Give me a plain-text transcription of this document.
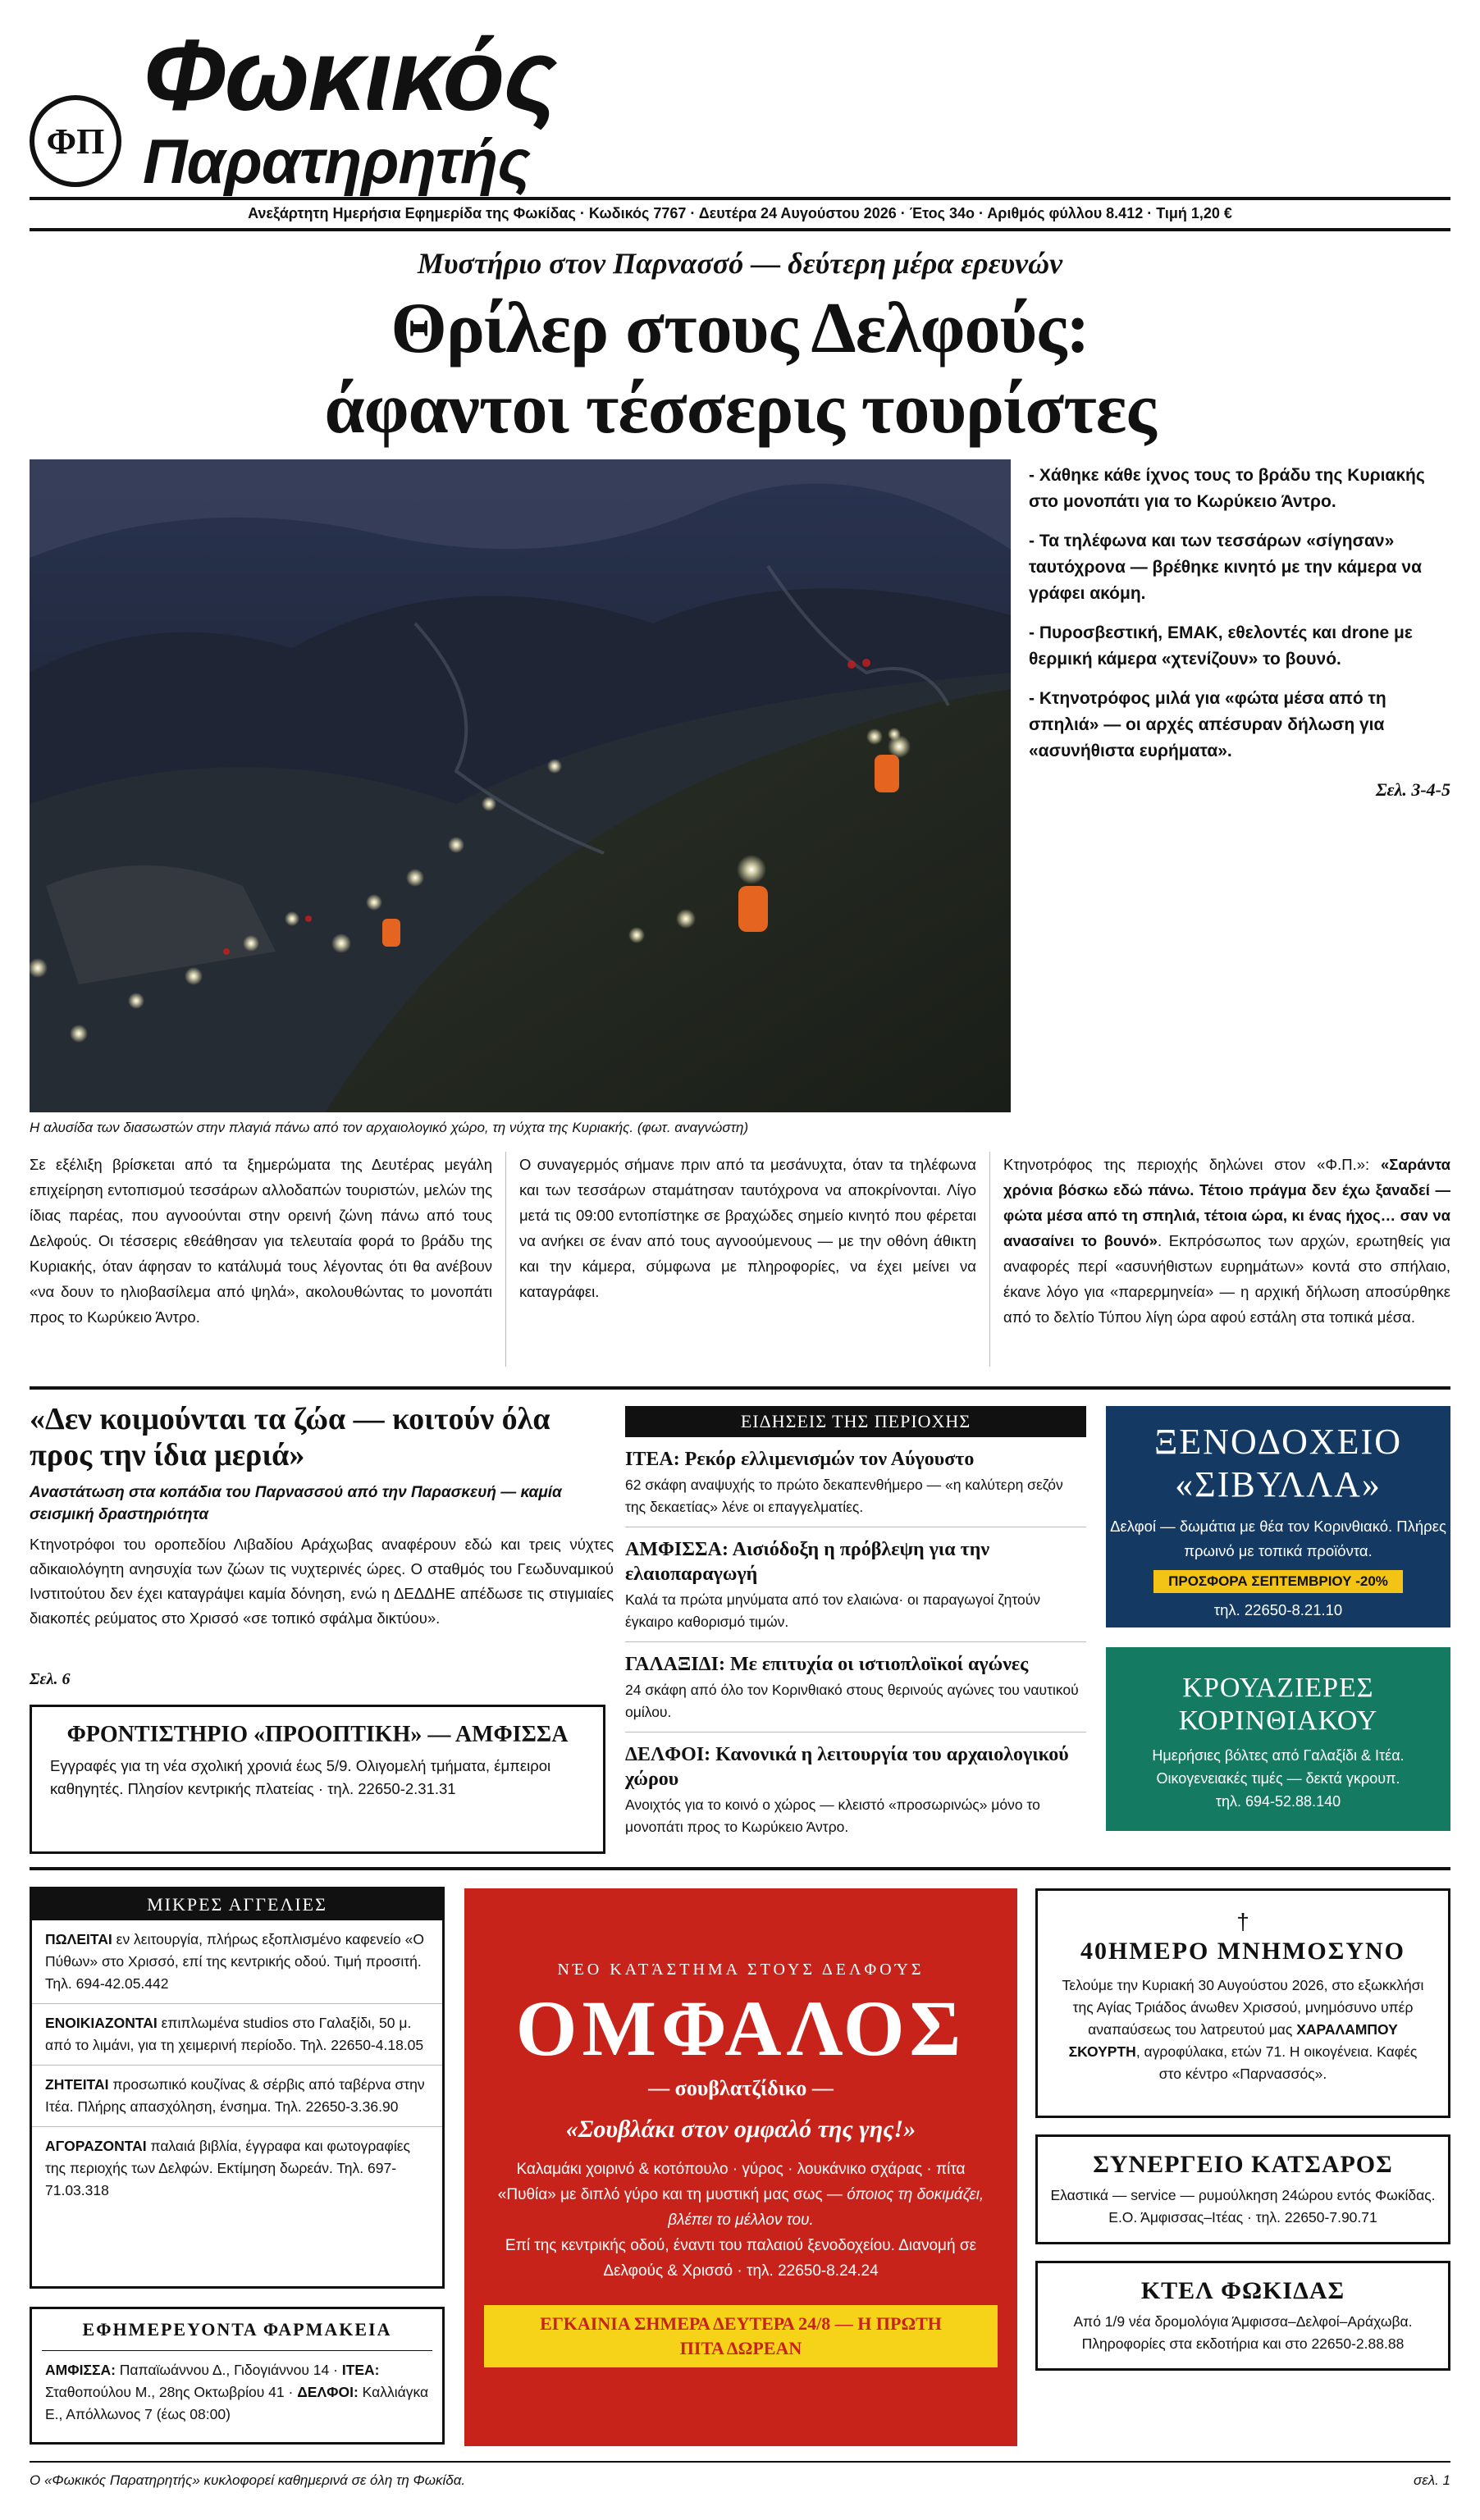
ΦΠ
Φωκικός
Παρατηρητής
Ανεξάρτητη Ημερήσια Εφημερίδα της Φωκίδας · Κωδικός 7767 · Δευτέρα 24 Αυγούστου 2026 · Έτος 34ο · Αριθμός φύλλου 8.412 · Τιμή 1,20 €
Μυστήριο στον Παρνασσό — δεύτερη μέρα ερευνών
Θρίλερ στους Δελφούς:
άφαντοι τέσσερις τουρίστες
Η αλυσίδα των διασωστών στην πλαγιά πάνω από τον αρχαιολογικό χώρο, τη νύχτα της Κυριακής. (φωτ. αναγνώστη)

- Χάθηκε κάθε ίχνος τους το βράδυ της Κυριακής στο μονοπάτι για το Κωρύκειο Άντρο.

- Τα τηλέφωνα και των τεσσάρων «σίγησαν» ταυτόχρονα — βρέθηκε κινητό με την κάμερα να γράφει ακόμη.

- Πυροσβεστική, ΕΜΑΚ, εθελοντές και drone με θερμική κάμερα «χτενίζουν» το βουνό.

- Κτηνοτρόφος μιλά για «φώτα μέσα από τη σπηλιά» — οι αρχές απέσυραν δήλωση για «ασυνήθιστα ευρήματα».

Σελ. 3-4-5
Σε εξέλιξη βρίσκεται από τα ξημερώματα της Δευτέρας μεγάλη επιχείρηση εντοπισμού τεσσάρων αλλοδαπών τουριστών, μελών της ίδιας παρέας, που αγνοούνται στην ορεινή ζώνη πάνω από τους Δελφούς. Οι τέσσερις εθεάθησαν για τελευταία φορά το βράδυ της Κυριακής, όταν άφησαν το κατάλυμά τους λέγοντας ότι θα ανέβουν «να δουν το ηλιοβασίλεμα από ψηλά», ακολουθώντας το μονοπάτι προς το Κωρύκειο Άντρο.
Ο συναγερμός σήμανε πριν από τα μεσάνυχτα, όταν τα τηλέφωνα και των τεσσάρων σταμάτησαν ταυτόχρονα να αποκρίνονται. Λίγο μετά τις 09:00 εντοπίστηκε σε βραχώδες σημείο κινητό που φέρεται να ανήκει σε έναν από τους αγνοούμενους — με την οθόνη άθικτη και την κάμερα, σύμφωνα με πληροφορίες, να έχει μείνει να καταγράφει.
Κτηνοτρόφος της περιοχής δηλώνει στον «Φ.Π.»: «Σαράντα χρόνια βόσκω εδώ πάνω. Τέτοιο πράγμα δεν έχω ξαναδεί — φώτα μέσα από τη σπηλιά, τέτοια ώρα, κι ένας ήχος… σαν να ανασαίνει το βουνό». Εκπρόσωπος των αρχών, ερωτηθείς για αναφορές περί «ασυνήθιστων ευρημάτων» κοντά στο σπήλαιο, έκανε λόγο για «παρερμηνεία» — η αρχική δήλωση αποσύρθηκε από το δελτίο Τύπου λίγη ώρα αφού εστάλη στα τοπικά μέσα.
«Δεν κοιμούνται τα ζώα — κοιτούν όλα προς την ίδια μεριά»
Αναστάτωση στα κοπάδια του Παρνασσού από την Παρασκευή — καμία σεισμική δραστηριότητα
Κτηνοτρόφοι του οροπεδίου Λιβαδίου Αράχωβας αναφέρουν εδώ και τρεις νύχτες αδικαιολόγητη ανησυχία των ζώων τις νυχτερινές ώρες. Ο σταθμός του Γεωδυναμικού Ινστιτούτου δεν έχει καταγράψει καμία δόνηση, ενώ η ΔΕΔΔΗΕ απέδωσε τις στιγμιαίες διακοπές ρεύματος στο Χρισσό «σε τοπικό σφάλμα δικτύου».
Σελ. 6
ΦΡΟΝΤΙΣΤΗΡΙΟ «ΠΡΟΟΠΤΙΚΗ» — ΑΜΦΙΣΣΑ
Εγγραφές για τη νέα σχολική χρονιά έως 5/9. Ολιγομελή τμήματα, έμπειροι καθηγητές. Πλησίον κεντρικής πλατείας · τηλ. 22650-2.31.31
ΕΙΔΗΣΕΙΣ ΤΗΣ ΠΕΡΙΟΧΗΣ
ΙΤΕΑ: Ρεκόρ ελλιμενισμών τον Αύγουστο

62 σκάφη αναψυχής το πρώτο δεκαπενθήμερο — «η καλύτερη σεζόν της δεκαετίας» λένε οι επαγγελματίες.

ΑΜΦΙΣΣΑ: Αισιόδοξη η πρόβλεψη για την ελαιοπαραγωγή

Καλά τα πρώτα μηνύματα από τον ελαιώνα· οι παραγωγοί ζητούν έγκαιρο καθορισμό τιμών.

ΓΑΛΑΞΙΔΙ: Με επιτυχία οι ιστιοπλοϊκοί αγώνες

24 σκάφη από όλο τον Κορινθιακό στους θερινούς αγώνες του ναυτικού ομίλου.

ΔΕΛΦΟΙ: Κανονικά η λειτουργία του αρχαιολογικού χώρου

Ανοιχτός για το κοινό ο χώρος — κλειστό «προσωρινώς» μόνο το μονοπάτι προς το Κωρύκειο Άντρο.

ΞΕΝΟΔΟΧΕΙΟ
«ΣΙΒΥΛΛΑ»
Δελφοί — δωμάτια με θέα τον Κορινθιακό. Πλήρες πρωινό με τοπικά προϊόντα.
ΠΡΟΣΦΟΡΑ ΣΕΠΤΕΜΒΡΙΟΥ -20%
τηλ. 22650-8.21.10
ΚΡΟΥΑΖΙΕΡΕΣ
ΚΟΡΙΝΘΙΑΚΟΥ
Ημερήσιες βόλτες από Γαλαξίδι & Ιτέα. Οικογενειακές τιμές — δεκτά γκρουπ.
τηλ. 694-52.88.140
ΜΙΚΡΕΣ ΑΓΓΕΛΙΕΣ
ΠΩΛΕΙΤΑΙ εν λειτουργία, πλήρως εξοπλισμένο καφενείο «Ο Πύθων» στο Χρισσό, επί της κεντρικής οδού. Τιμή προσιτή. Τηλ. 694-42.05.442
ΕΝΟΙΚΙΑΖΟΝΤΑΙ επιπλωμένα studios στο Γαλαξίδι, 50 μ. από το λιμάνι, για τη χειμερινή περίοδο. Τηλ. 22650-4.18.05
ΖΗΤΕΙΤΑΙ προσωπικό κουζίνας & σέρβις από ταβέρνα στην Ιτέα. Πλήρης απασχόληση, ένσημα. Τηλ. 22650-3.36.90
ΑΓΟΡΑΖΟΝΤΑΙ παλαιά βιβλία, έγγραφα και φωτογραφίες της περιοχής των Δελφών. Εκτίμηση δωρεάν. Τηλ. 697-71.03.318
ΕΦΗΜΕΡΕΥΟΝΤΑ ΦΑΡΜΑΚΕΙΑ
ΑΜΦΙΣΣΑ: Παπαϊωάννου Δ., Γιδογιάννου 14 · ΙΤΕΑ: Σταθοπούλου Μ., 28ης Οκτωβρίου 41 · ΔΕΛΦΟΙ: Καλλιάγκα Ε., Απόλλωνος 7 (έως 08:00)
ΝΈΟ ΚΑΤΆΣΤΗΜΑ ΣΤΟΥΣ ΔΕΛΦΟΎΣ
ΟΜΦΑΛΟΣ
— σουβλατζίδικο —
«Σουβλάκι στον ομφαλό της γης!»
Καλαμάκι χοιρινό & κοτόπουλο · γύρος · λουκάνικο σχάρας · πίτα «Πυθία» με διπλό γύρο και τη μυστική μας σως — όποιος τη δοκιμάζει, βλέπει το μέλλον του.
Επί της κεντρικής οδού, έναντι του παλαιού ξενοδοχείου. Διανομή σε Δελφούς & Χρισσό · τηλ. 22650-8.24.24
ΕΓΚΑΙΝΙΑ ΣΗΜΕΡΑ ΔΕΥΤΕΡΑ 24/8 — Η ΠΡΩΤΗ ΠΙΤΑ ΔΩΡΕΑΝ
†
40ΗΜΕΡΟ ΜΝΗΜΟΣΥΝΟ
Τελούμε την Κυριακή 30 Αυγούστου 2026, στο εξωκκλήσι της Αγίας Τριάδος άνωθεν Χρισσού, μνημόσυνο υπέρ αναπαύσεως του λατρευτού μας ΧΑΡΑΛΑΜΠΟΥ ΣΚΟΥΡΤΗ, αγροφύλακα, ετών 71. Η οικογένεια. Καφές στο κέντρο «Παρνασσός».
ΣΥΝΕΡΓΕΙΟ ΚΑΤΣΑΡΟΣ
Ελαστικά — service — ρυμούλκηση 24ώρου εντός Φωκίδας. Ε.Ο. Άμφισσας–Ιτέας · τηλ. 22650-7.90.71
ΚΤΕΛ ΦΩΚΙΔΑΣ
Από 1/9 νέα δρομολόγια Άμφισσα–Δελφοί–Αράχωβα. Πληροφορίες στα εκδοτήρια και στο 22650-2.88.88
Ο «Φωκικός Παρατηρητής» κυκλοφορεί καθημερινά σε όλη τη Φωκίδα.	σελ. 1
